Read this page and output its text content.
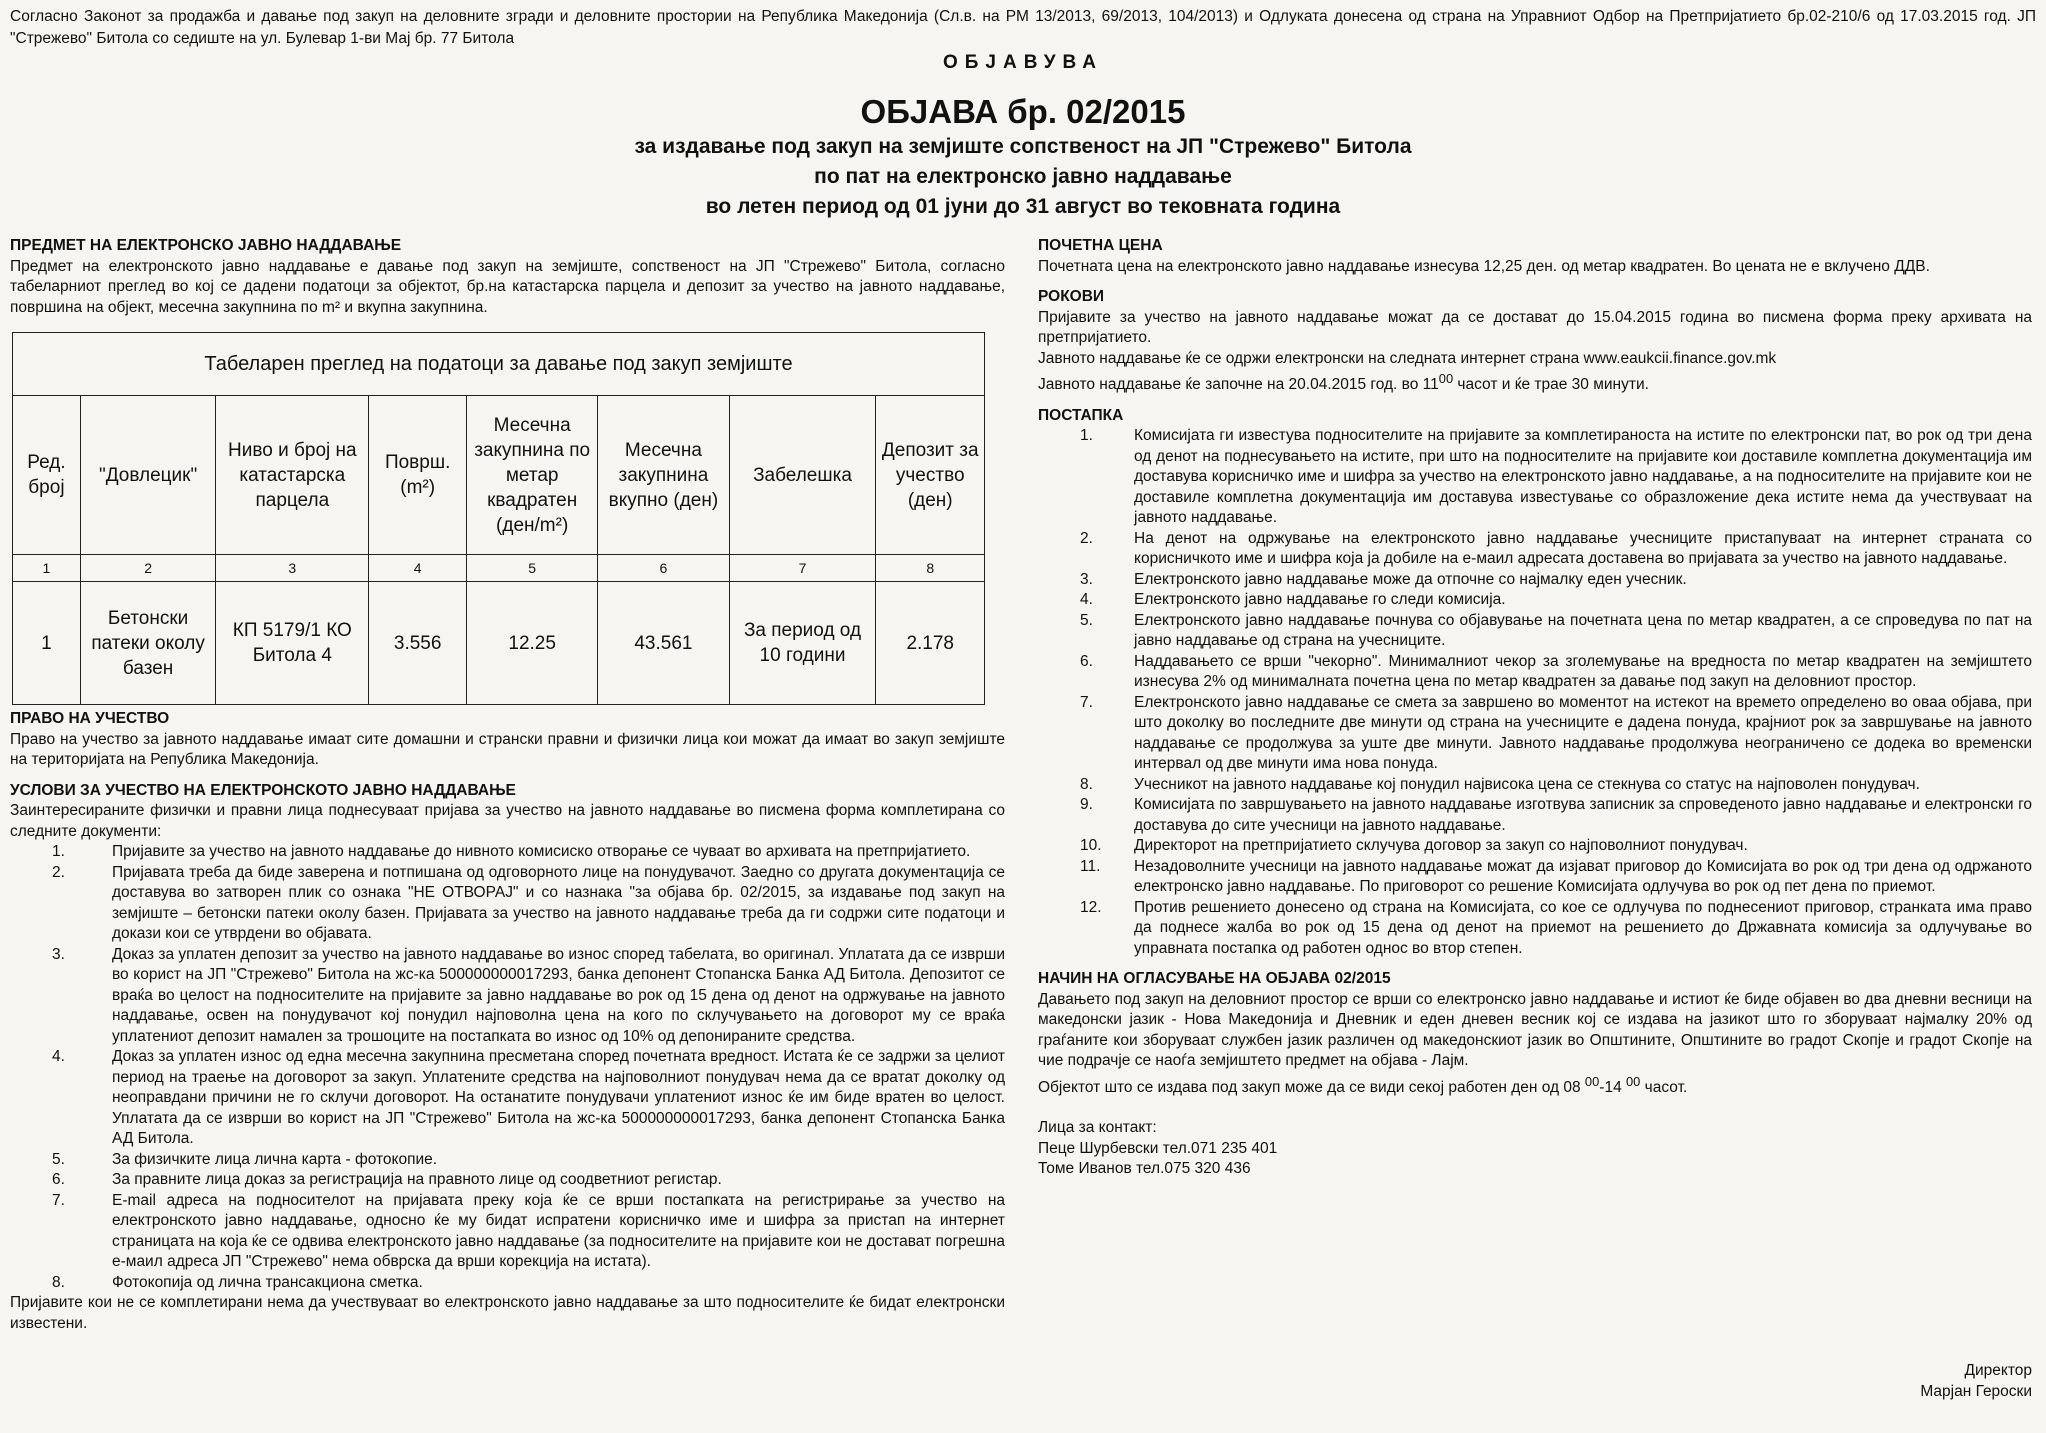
Согласно Законот за продажба и давање под закуп на деловните згради и деловните простории на Република Македонија (Сл.в. на РМ 13/2013, 69/2013, 104/2013) и Одлуката донесена од страна на Управниот Одбор на Претпријатието бр.02-210/6 од 17.03.2015 год. ЈП "Стрежево" Битола со седиште на ул. Булевар 1-ви Мај бр. 77 Битола

ОБЈАВУВА
ОБЈАВА бр. 02/2015
за издавање под закуп на земјиште сопственост на ЈП "Стрежево" Битола
по пат на електронско јавно наддавање
во летен период од 01 јуни до 31 август во тековната година

ПРЕДМЕТ НА ЕЛЕКТРОНСКО ЈАВНО НАДДАВАЊЕ

Предмет на електронското јавно наддавање е давање под закуп на земјиште, сопственост на ЈП "Стрежево" Битола, согласно табеларниот преглед во кој се дадени податоци за објектот, бр.на катастарска парцела и депозит за учество на јавното наддавање, површина на објект, месечна закупнина по m² и вкупна закупнина.

Табеларен преглед на податоци за давање под закуп земјиште							
Ред. број	"Довлецик"	Ниво и број на катастарска парцела	Површ. (m²)	Месечна закупнина по метар квадратен (ден/m²)	Месечна закупнина вкупно (ден)	Забелешка	Депозит за учество (ден)
1	2	3	4	5	6	7	8
1	Бетонски патеки околу базен	КП 5179/1 КО Битола 4	3.556	12.25	43.561	За период од 10 години	2.178

ПРАВО НА УЧЕСТВО

Право на учество за јавното наддавање имаат сите домашни и странски правни и физички лица кои можат да имаат во закуп земјиште на територијата на Република Македонија.

УСЛОВИ ЗА УЧЕСТВО НА ЕЛЕКТРОНСКОТО ЈАВНО НАДДАВАЊЕ

Заинтересираните физички и правни лица поднесуваат пријава за учество на јавното наддавање во писмена форма комплетирана со следните документи:

1.	Пријавите за учество на јавното наддавање до нивното комисиско отворање се чуваат во архивата на претпријатието.
2.	Пријавата треба да биде заверена и потпишана од одговорното лице на понудувачот. Заедно со другата документација се доставува во затворен плик со ознака "НЕ ОТВОРАЈ" и со назнака "за објава бр. 02/2015, за издавање под закуп на земјиште – бетонски патеки околу базен. Пријавата за учество на јавното наддавање треба да ги содржи сите податоци и докази кои се утврдени во објавата.
3.	Доказ за уплатен депозит за учество на јавното наддавање во износ според табелата, во оригинал. Уплатата да се изврши во корист на ЈП "Стрежево" Битола на жс-ка 500000000017293, банка депонент Стопанска Банка АД Битола. Депозитот се враќа во целост на подносителите на пријавите за јавно наддавање во рок од 15 дена од денот на одржување на јавното наддавање, освен на понудувачот кој понудил најповолна цена на кого по склучувањето на договорот му се враќа уплатениот депозит намален за трошоците на постапката во износ од 10% од депонираните средства.
4.	Доказ за уплатен износ од една месечна закупнина пресметана според почетната вредност. Истата ќе се задржи за целиот период на траење на договорот за закуп. Уплатените средства на најповолниот понудувач нема да се вратат доколку од неоправдани причини не го склучи договорот. На останатите понудувачи уплатениот износ ќе им биде вратен во целост. Уплатата да се изврши во корист на ЈП "Стрежево" Битола на жс-ка 500000000017293, банка депонент Стопанска Банка АД Битола.
5.	За физичките лица лична карта - фотокопие.
6.	За правните лица доказ за регистрација на правното лице од соодветниот регистар.
7.	Е-mail адреса на подносителот на пријавата преку која ќе се врши постапката на регистрирање за учество на електронското јавно наддавање, односно ќе му бидат испратени корисничко име и шифра за пристап на интернет страницата на која ќе се одвива електронското јавно наддавање (за подносителите на пријавите кои не достават погрешна е-маил адреса ЈП "Стрежево" нема обврска да врши корекција на истата).
8.	Фотокопија од лична трансакциона сметка.

Пријавите кои не се комплетирани нема да учествуваат во електронското јавно наддавање за што подносителите ќе бидат електронски известени.

ПОЧЕТНА ЦЕНА

Почетната цена на електронското јавно наддавање изнесува 12,25 ден. од метар квадратен. Во цената не е вклучено ДДВ.

РОКОВИ

Пријавите за учество на јавното наддавање можат да се достават до 15.04.2015 година во писмена форма преку архивата на претпријатието.

Јавното наддавање ќе се одржи електронски на следната интернет страна www.eaukcii.finance.gov.mk

Јавното наддавање ќе започне на 20.04.2015 год. во $11^{00}$ часот и ќе трае 30 минути.

ПОСТАПКА

1.	Комисијата ги известува подносителите на пријавите за комплетираноста на истите по електронски пат, во рок од три дена од денот на поднесувањето на истите, при што на подносителите на пријавите кои доставиле комплетна документација им доставува корисничко име и шифра за учество на електронското јавно наддавање, а на подносителите на пријавите кои не доставиле комплетна документација им доставува известување со образложение дека истите нема да учествуваат на јавното наддавање.
2.	На денот на одржување на електронското јавно наддавање учесниците пристапуваат на интернет страната со корисничкото име и шифра која ја добиле на е-маил адресата доставена во пријавата за учество на јавното наддавање.
3.	Електронското јавно наддавање може да отпочне со најмалку еден учесник.
4.	Електронското јавно наддавање го следи комисија.
5.	Електронското јавно наддавање почнува со објавување на почетната цена по метар квадратен, а се спроведува по пат на јавно наддавање од страна на учесниците.
6.	Наддавањето се врши "чекорно". Минималниот чекор за зголемување на вредноста по метар квадратен на земјиштето изнесува 2% од минималната почетна цена по метар квадратен за давање под закуп на деловниот простор.
7.	Електронското јавно наддавање се смета за завршено во моментот на истекот на времето определено во оваа објава, при што доколку во последните две минути од страна на учесниците е дадена понуда, крајниот рок за завршување на јавното наддавање се продолжува за уште две минути. Јавното наддавање продолжува неограничено се додека во временски интервал од две минути има нова понуда.
8.	Учесникот на јавното наддавање кој понудил највисока цена се стекнува со статус на најповолен понудувач.
9.	Комисијата по завршувањето на јавното наддавање изготвува записник за спроведеното јавно наддавање и електронски го доставува до сите учесници на јавното наддавање.
10.	Директорот на претпријатието склучува договор за закуп со најповолниот понудувач.
11.	Незадоволните учесници на јавното наддавање можат да изјават приговор до Комисијата во рок од три дена од одржаното електронско јавно наддавање. По приговорот со решение Комисијата одлучува во рок од пет дена по приемот.
12.	Против решението донесено од страна на Комисијата, со кое се одлучува по поднесениот приговор, странката има право да поднесе жалба во рок од 15 дена од денот на приемот на решението до Државната комисија за одлучување во управната постапка од работен однос во втор степен.

НАЧИН НА ОГЛАСУВАЊЕ НА ОБЈАВА 02/2015

Давањето под закуп на деловниот простор се врши со електронско јавно наддавање и истиот ќе биде објавен во два дневни весници на македонски јазик - Нова Македонија и Дневник и еден дневен весник кој се издава на јазикот што го зборуваат најмалку 20% од граѓаните кои зборуваат службен јазик различен од македонскиот јазик во Општините, Општините во градот Скопје и градот Скопје на чие подрачје се наоѓа земјиштето предмет на објава - Лајм.

Објектот што се издава под закуп може да се види секој работен ден од 08 $^{00}$-14 $^{00}$ часот.

Лица за контакт:
Пеце Шурбевски тел.071 235 401
Томе Иванов тел.075 320 436
Директор
Марјан Героски
